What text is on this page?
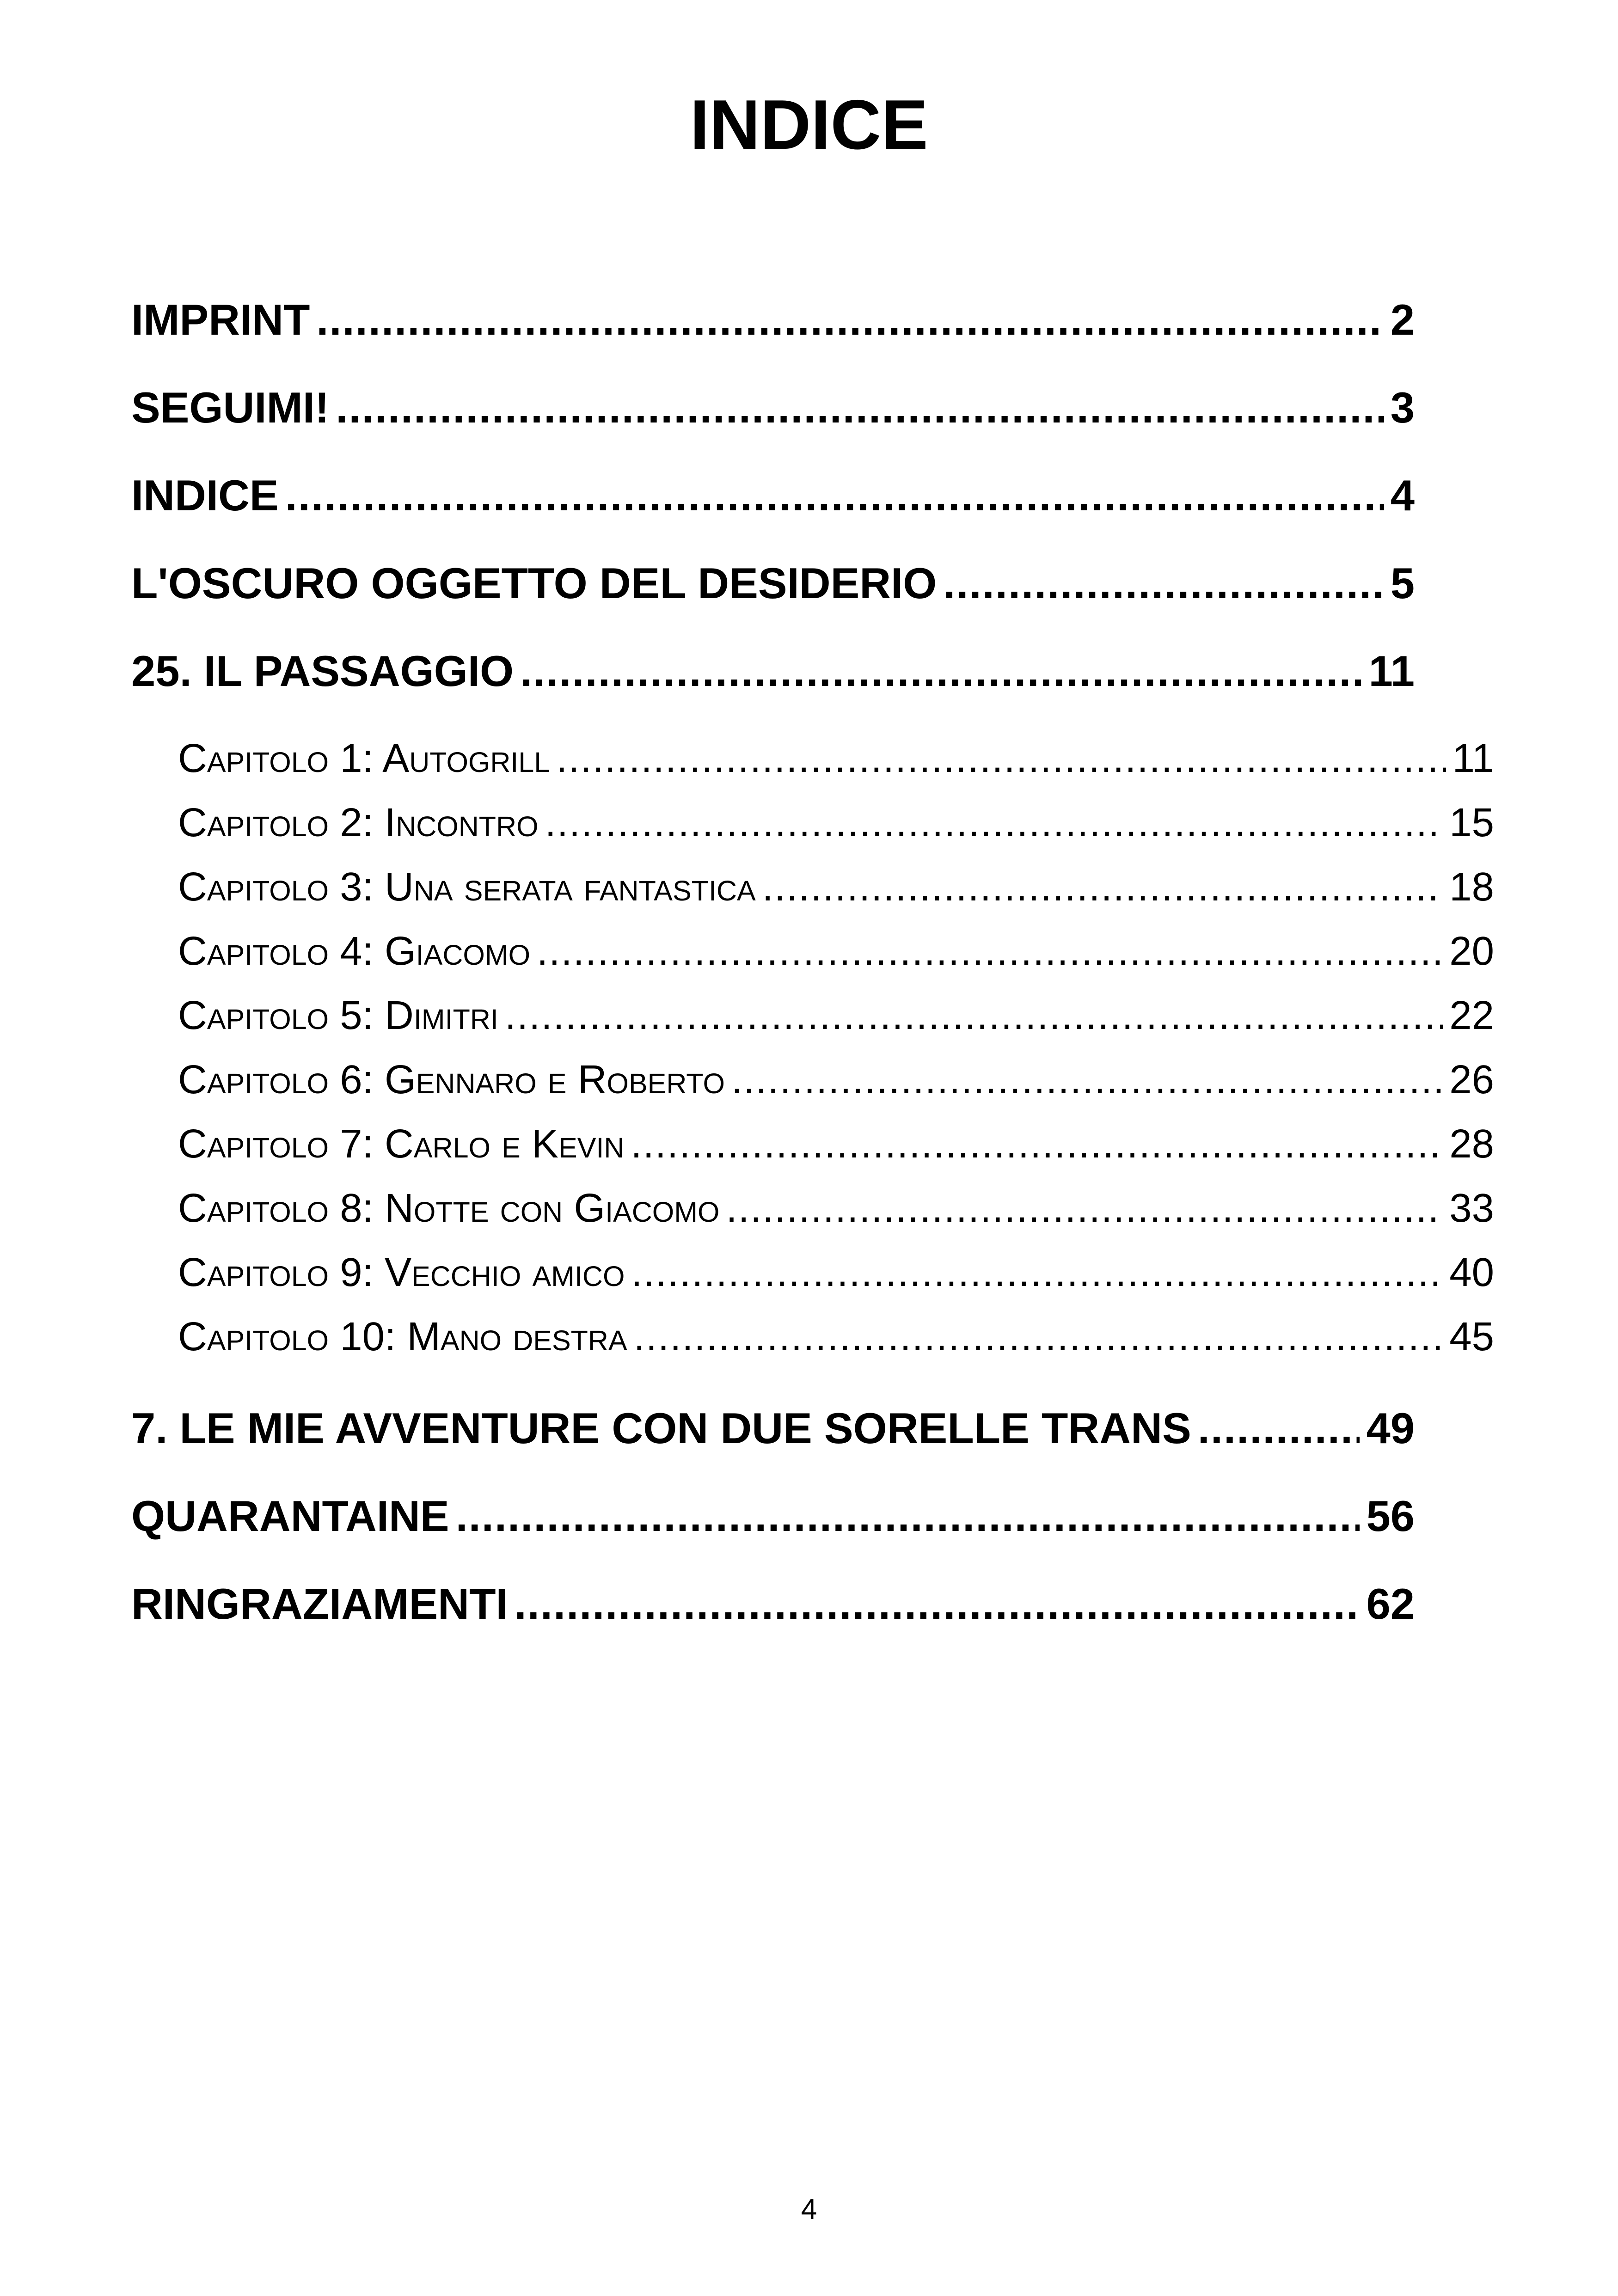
INDICE
IMPRINT .....	2
SEGUIMI! .....	3
INDICE .....	4
L'OSCURO OGGETTO DEL DESIDERIO .....	5
25. IL PASSAGGIO .....	11
Capitolo 1: Autogrill .....	11
Capitolo 2: Incontro .....	15
Capitolo 3: Una serata fantastica .....	18
Capitolo 4: Giacomo .....	20
Capitolo 5: Dimitri .....	22
Capitolo 6: Gennaro e Roberto .....	26
Capitolo 7: Carlo e Kevin .....	28
Capitolo 8: Notte con Giacomo .....	33
Capitolo 9: Vecchio amico .....	40
Capitolo 10: Mano destra .....	45
7. LE MIE AVVENTURE CON DUE SORELLE TRANS .....	49
QUARANTAINE .....	56
RINGRAZIAMENTI .....	62
4
